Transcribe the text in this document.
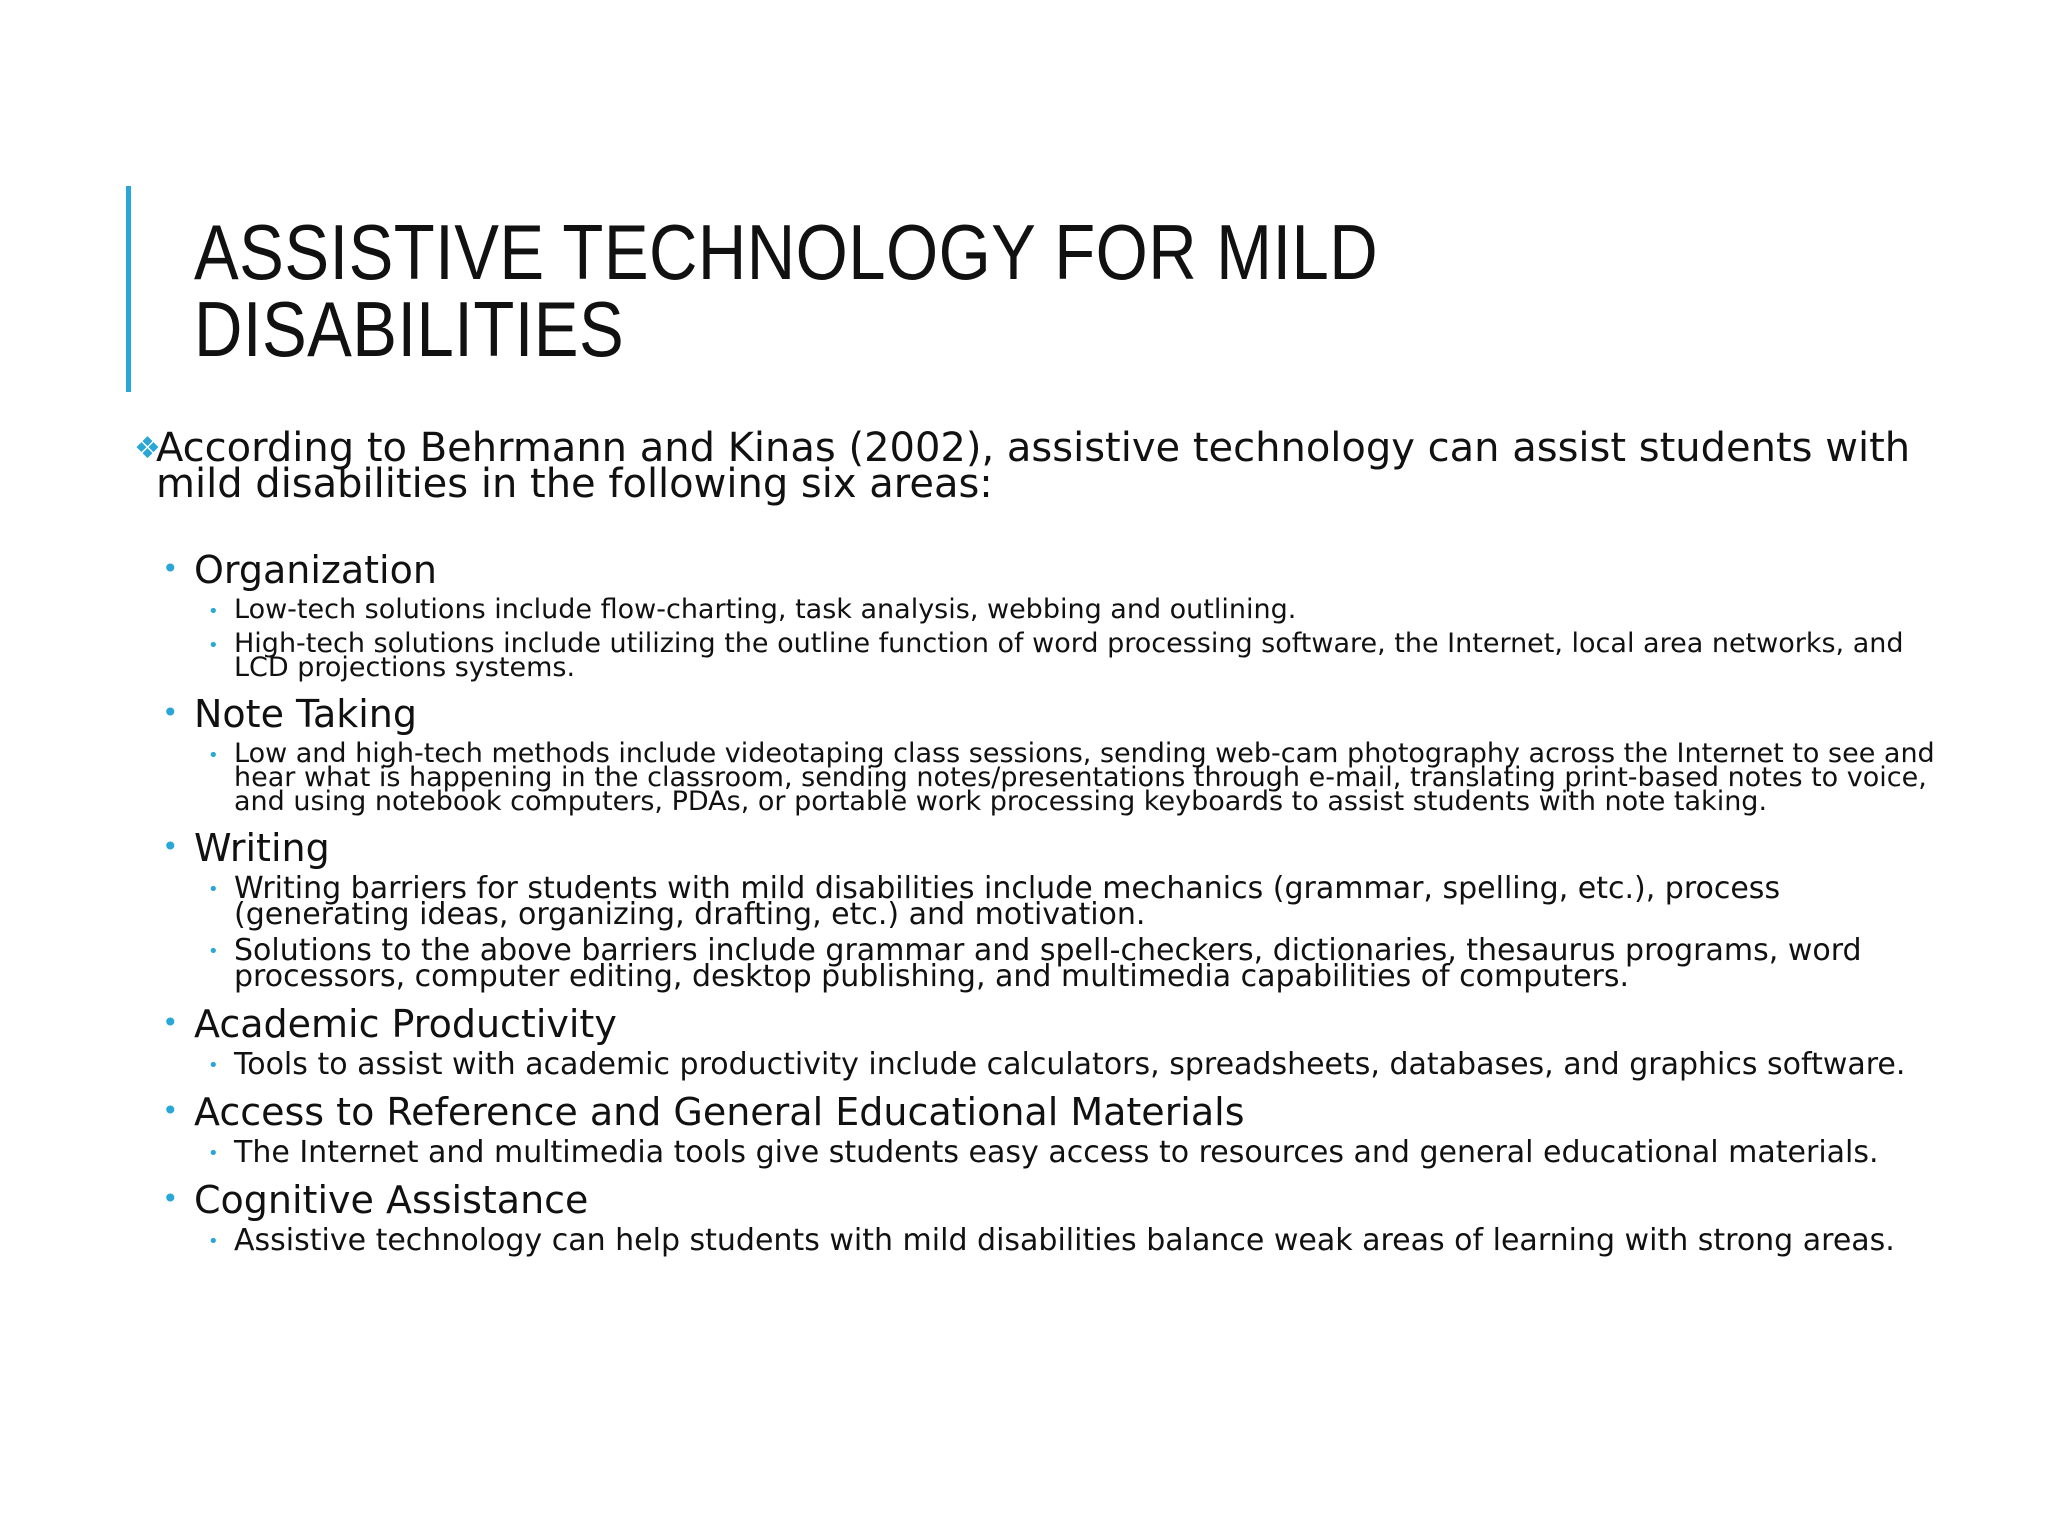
ASSISTIVE TECHNOLOGY FOR MILD DISABILITIES

❖
According to Behrmann and Kinas (2002), assistive technology can assist students with mild disabilities in the following six areas:

• Organization
• Low-tech solutions include flow-charting, task analysis, webbing and outlining.
• High-tech solutions include utilizing the outline function of word processing software, the Internet, local area networks, and LCD projections systems.
• Note Taking
• Low and high-tech methods include videotaping class sessions, sending web-cam photography across the Internet to see and hear what is happening in the classroom, sending notes/presentations through e-mail, translating print-based notes to voice, and using notebook computers, PDAs, or portable work processing keyboards to assist students with note taking.
• Writing
• Writing barriers for students with mild disabilities include mechanics (grammar, spelling, etc.), process (generating ideas, organizing, drafting, etc.) and motivation.
• Solutions to the above barriers include grammar and spell-checkers, dictionaries, thesaurus programs, word processors, computer editing, desktop publishing, and multimedia capabilities of computers.
• Academic Productivity
• Tools to assist with academic productivity include calculators, spreadsheets, databases, and graphics software.
• Access to Reference and General Educational Materials
• The Internet and multimedia tools give students easy access to resources and general educational materials.
• Cognitive Assistance
• Assistive technology can help students with mild disabilities balance weak areas of learning with strong areas.
